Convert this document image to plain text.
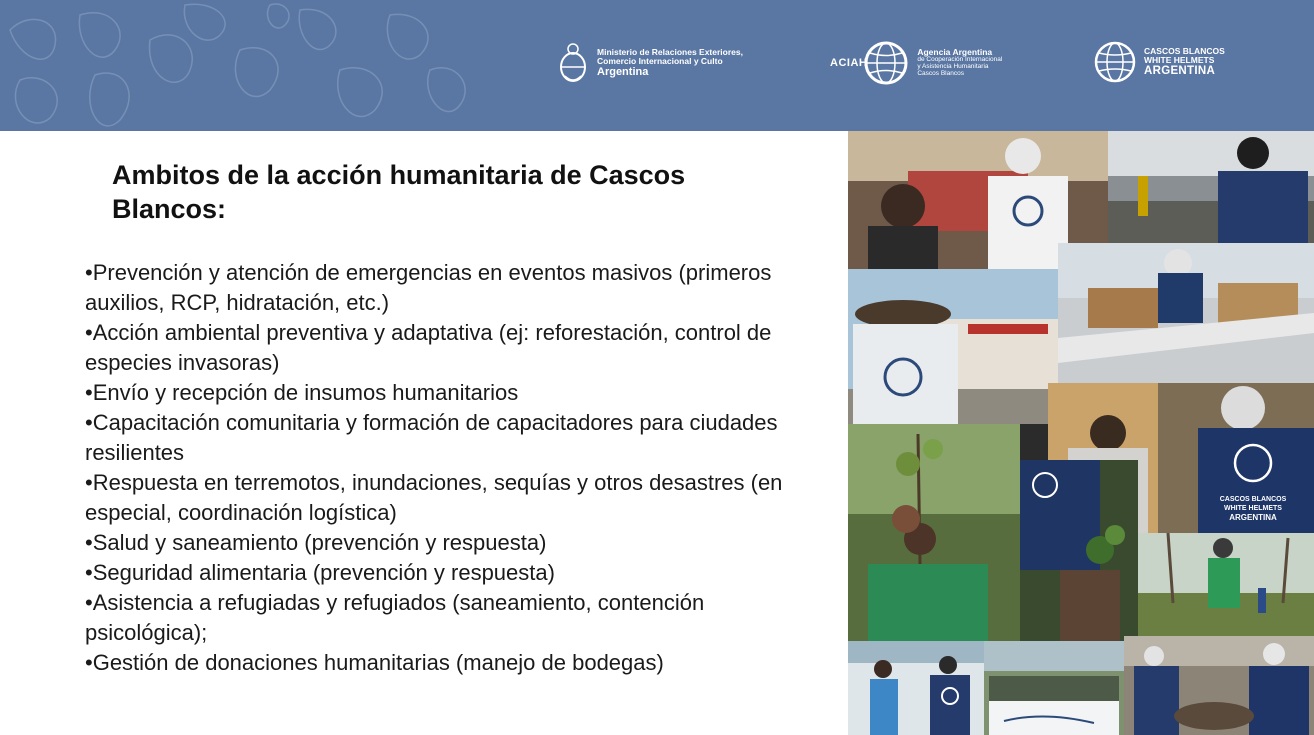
Ministerio de Relaciones Exteriores,
Comercio Internacional y Culto
Argentina
ACIAH
Agencia Argentina
de Cooperación Internacional
y Asistencia Humanitaria
Cascos Blancos
CASCOS BLANCOS
WHITE HELMETS
ARGENTINA
Ambitos de la acción humanitaria de Cascos Blancos:
•Prevención y atención de emergencias en eventos masivos (primeros auxilios, RCP, hidratación, etc.)
•Acción ambiental preventiva y adaptativa (ej: reforestación, control de especies invasoras)
•Envío y recepción de insumos humanitarios
•Capacitación comunitaria y formación de capacitadores para ciudades resilientes
•Respuesta en terremotos, inundaciones, sequías y otros desastres (en especial, coordinación logística)
•Salud y saneamiento (prevención y respuesta)
•Seguridad alimentaria (prevención y respuesta)
•Asistencia a refugiadas y refugiados (saneamiento, contención psicológica);
•Gestión de donaciones humanitarias (manejo de bodegas)
CASCOS BLANCOS
WHITE HELMETS
ARGENTINA
